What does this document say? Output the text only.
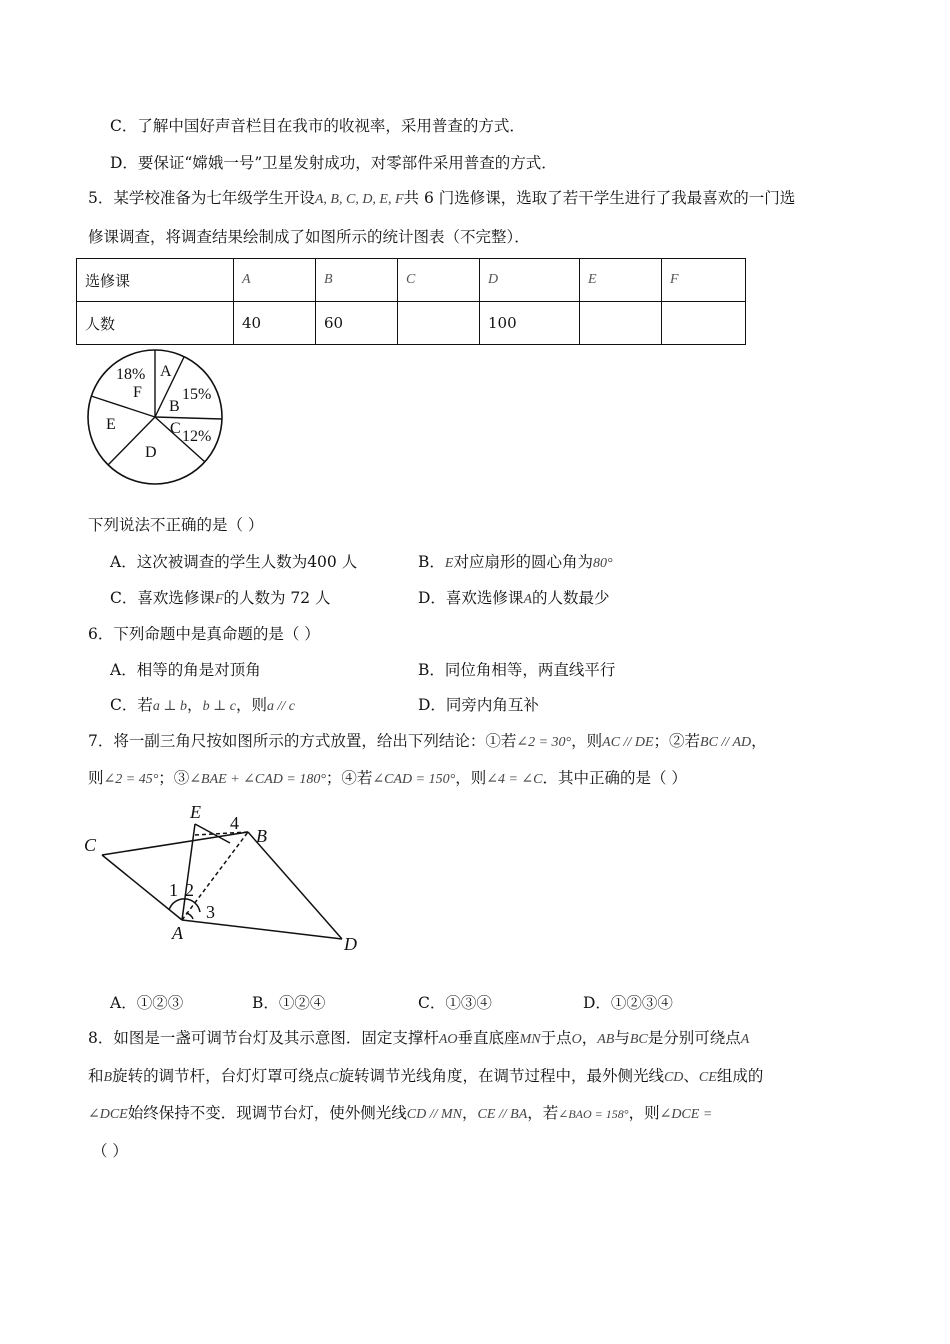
C．了解中国好声音栏目在我市的收视率，采用普查的方式．
D．要保证“嫦娥一号”卫星发射成功，对零部件采用普查的方式．
5．某学校准备为七年级学生开设A, B, C, D, E, F共 6 门选修课，选取了若干学生进行了我最喜欢的一门选
修课调查，将调查结果绘制成了如图所示的统计图表（不完整）．
选修课	A	B	C	D	E	F
人数	40	60		100		
18%
F
A
15%
B
C 12%
E
D
下列说法不正确的是（ ）
A．这次被调查的学生人数为400 人	B．E对应扇形的圆心角为80°
C．喜欢选修课F的人数为 72 人	D．喜欢选修课A的人数最少
6．下列命题中是真命题的是（ ）
A．相等的角是对顶角	B．同位角相等，两直线平行
C．若a ⊥ b，b ⊥ c，则a // c	D．同旁内角互补
7．将一副三角尺按如图所示的方式放置，给出下列结论：①若∠2 = 30°，则AC // DE；②若BC // AD，
则∠2 = 45°；③∠BAE + ∠CAD = 180°；④若∠CAD = 150°，则∠4 = ∠C．其中正确的是（ ）
E
4
B
C
1 2
3
A
D
A．①②③	B．①②④	C．①③④	D．①②③④
8．如图是一盏可调节台灯及其示意图．固定支撑杆AO垂直底座MN于点O，AB与BC是分别可绕点A
和B旋转的调节杆，台灯灯罩可绕点C旋转调节光线角度，在调节过程中，最外侧光线CD、CE组成的
∠DCE始终保持不变．现调节台灯，使外侧光线CD // MN，CE // BA，若∠BAO = 158°，则∠DCE =
（ ）
